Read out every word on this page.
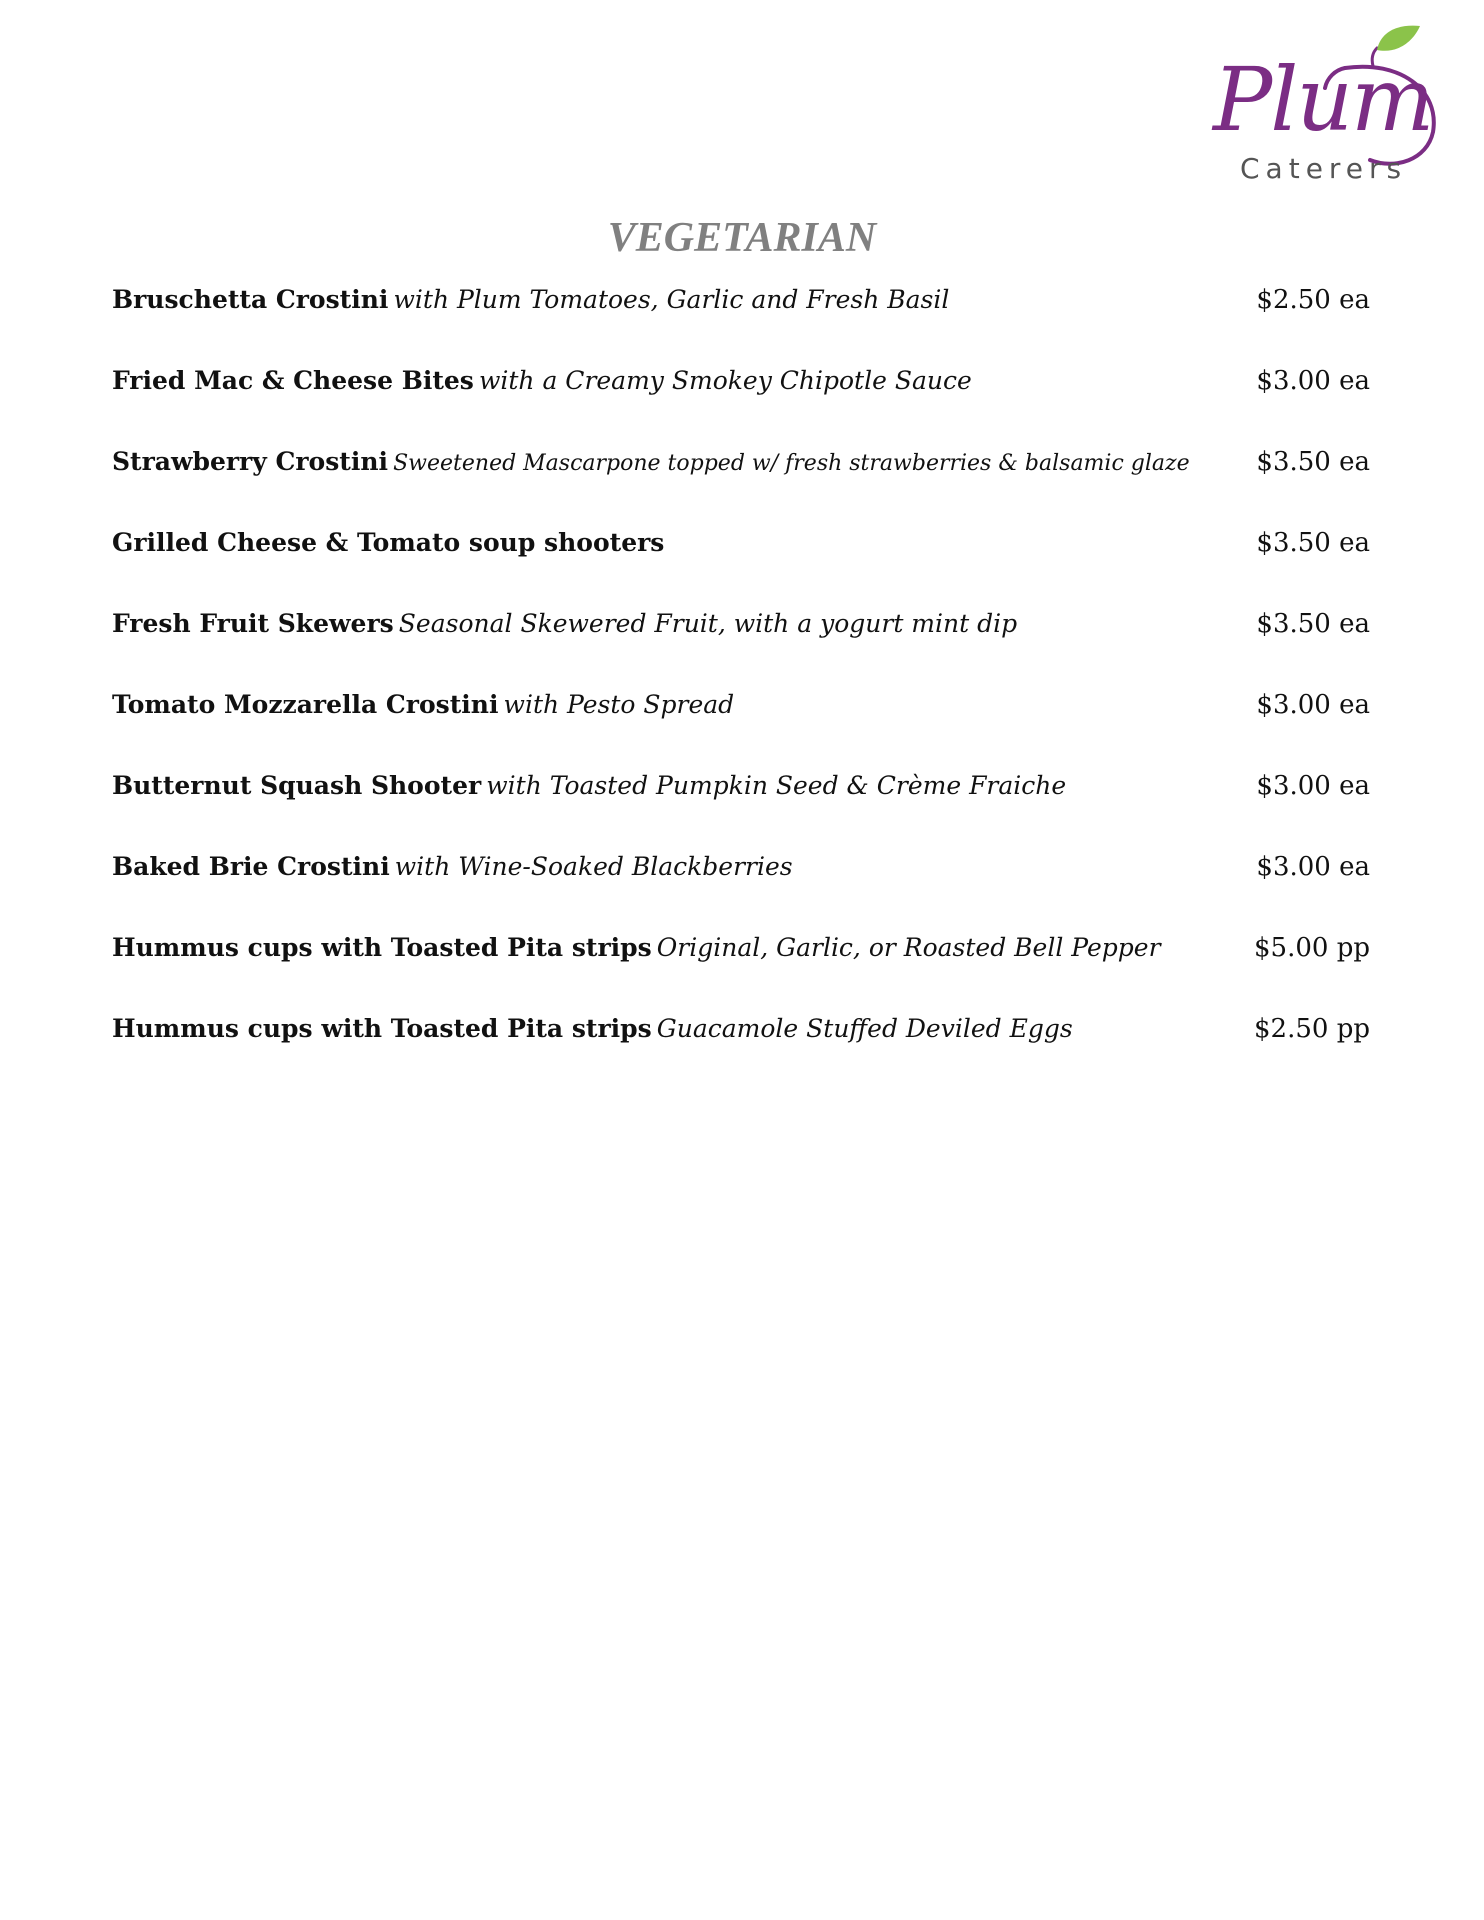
Plum
Caterers
VEGETARIAN
Bruschetta Crostini with Plum Tomatoes, Garlic and Fresh Basil	$2.50 ea
Fried Mac & Cheese Bites with a Creamy Smokey Chipotle Sauce	$3.00 ea
Strawberry Crostini Sweetened Mascarpone topped w/ fresh strawberries & balsamic glaze	$3.50 ea
Grilled Cheese & Tomato soup shooters	$3.50 ea
Fresh Fruit Skewers Seasonal Skewered Fruit, with a yogurt mint dip	$3.50 ea
Tomato Mozzarella Crostini with Pesto Spread	$3.00 ea
Butternut Squash Shooter with Toasted Pumpkin Seed & Crème Fraiche	$3.00 ea
Baked Brie Crostini with Wine-Soaked Blackberries	$3.00 ea
Hummus cups with Toasted Pita strips Original, Garlic, or Roasted Bell Pepper	$5.00 pp
Hummus cups with Toasted Pita strips Guacamole Stuffed Deviled Eggs	$2.50 pp
